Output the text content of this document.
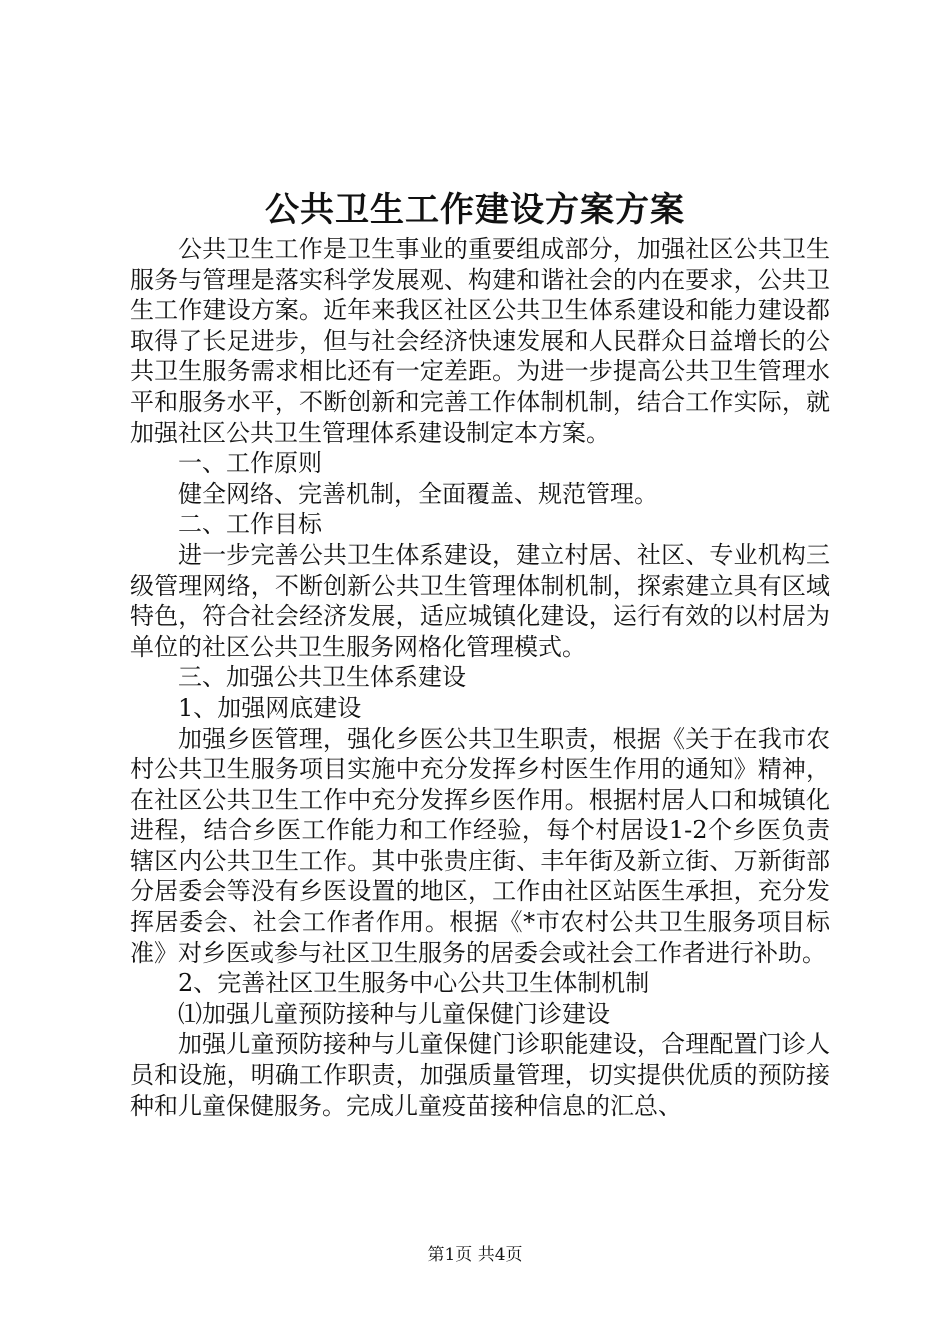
公共卫生工作建设方案方案

公共卫生工作是卫生事业的重要组成部分，加强社区公共卫生服务与管理是落实科学发展观、构建和谐社会的内在要求，公共卫生工作建设方案。近年来我区社区公共卫生体系建设和能力建设都取得了长足进步，但与社会经济快速发展和人民群众日益增长的公共卫生服务需求相比还有一定差距。为进一步提高公共卫生管理水平和服务水平，不断创新和完善工作体制机制，结合工作实际，就加强社区公共卫生管理体系建设制定本方案。

一、工作原则

健全网络、完善机制，全面覆盖、规范管理。

二、工作目标

进一步完善公共卫生体系建设，建立村居、社区、专业机构三级管理网络，不断创新公共卫生管理体制机制，探索建立具有区域特色，符合社会经济发展，适应城镇化建设，运行有效的以村居为单位的社区公共卫生服务网格化管理模式。

三、加强公共卫生体系建设

1、加强网底建设

加强乡医管理，强化乡医公共卫生职责，根据《关于在我市农村公共卫生服务项目实施中充分发挥乡村医生作用的通知》精神，在社区公共卫生工作中充分发挥乡医作用。根据村居人口和城镇化进程，结合乡医工作能力和工作经验，每个村居设1-2个乡医负责辖区内公共卫生工作。其中张贵庄街、丰年街及新立街、万新街部分居委会等没有乡医设置的地区，工作由社区站医生承担，充分发挥居委会、社会工作者作用。根据《*市农村公共卫生服务项目标准》对乡医或参与社区卫生服务的居委会或社会工作者进行补助。

2、完善社区卫生服务中心公共卫生体制机制

⑴加强儿童预防接种与儿童保健门诊建设

加强儿童预防接种与儿童保健门诊职能建设，合理配置门诊人员和设施，明确工作职责，加强质量管理，切实提供优质的预防接种和儿童保健服务。完成儿童疫苗接种信息的汇总、

第1页 共4页
